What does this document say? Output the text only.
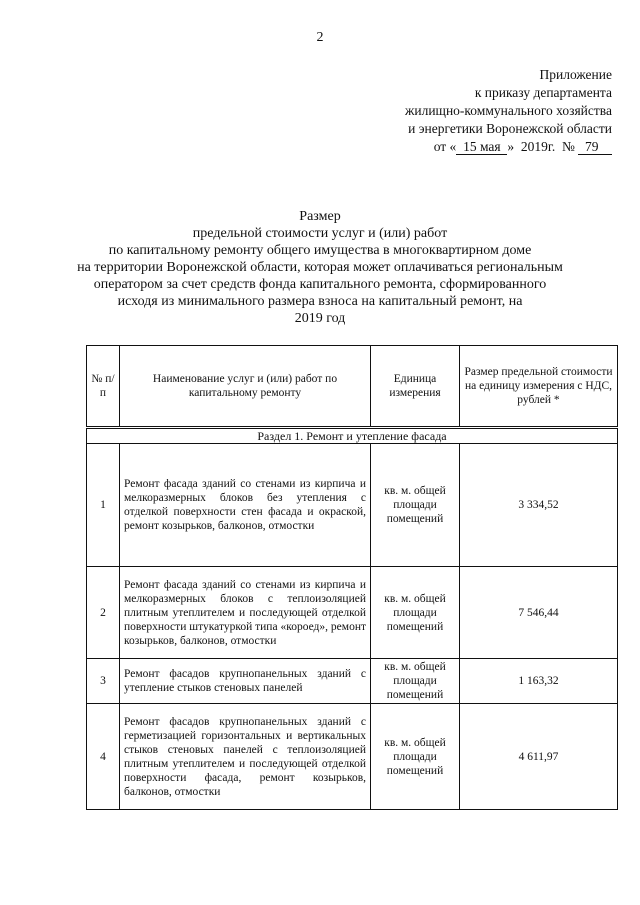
2
Приложение
к приказу департамента
жилищно-коммунального хозяйства
и энергетики Воронежской области
от «  15 мая  »  2019г.  №   79
Размер
предельной стоимости услуг и (или) работ
по капитальному ремонту общего имущества в многоквартирном доме
на территории Воронежской области, которая может оплачиваться региональным
оператором за счет средств фонда капитального ремонта, сформированного
исходя из минимального размера взноса на капитальный ремонт, на
2019 год
№ п/п	Наименование услуг и (или) работ по капитальному ремонту	Единица измерения	Размер предельной стоимости на единицу измерения с НДС, рублей *
Раздел 1. Ремонт и утепление фасада			
1	Ремонт фасада зданий со стенами из кирпича и мелкоразмерных блоков без утепления с отделкой поверхности стен фасада и окраской, ремонт козырьков, балконов, отмостки	кв. м. общей площади помещений	3 334,52
2	Ремонт фасада зданий со стенами из кирпича и мелкоразмерных блоков с теплоизоляцией плитным утеплителем и последующей отделкой поверхности штукатуркой типа «короед», ремонт козырьков, балконов, отмостки	кв. м. общей площади помещений	7 546,44
3	Ремонт фасадов крупнопанельных зданий с утепление стыков стеновых панелей	кв. м. общей площади помещений	1 163,32
4	Ремонт фасадов крупнопанельных зданий с герметизацией горизонтальных и вертикальных стыков стеновых панелей с теплоизоляцией плитным утеплителем и последующей отделкой поверхности фасада, ремонт козырьков, балконов, отмостки	кв. м. общей площади помещений	4 611,97
